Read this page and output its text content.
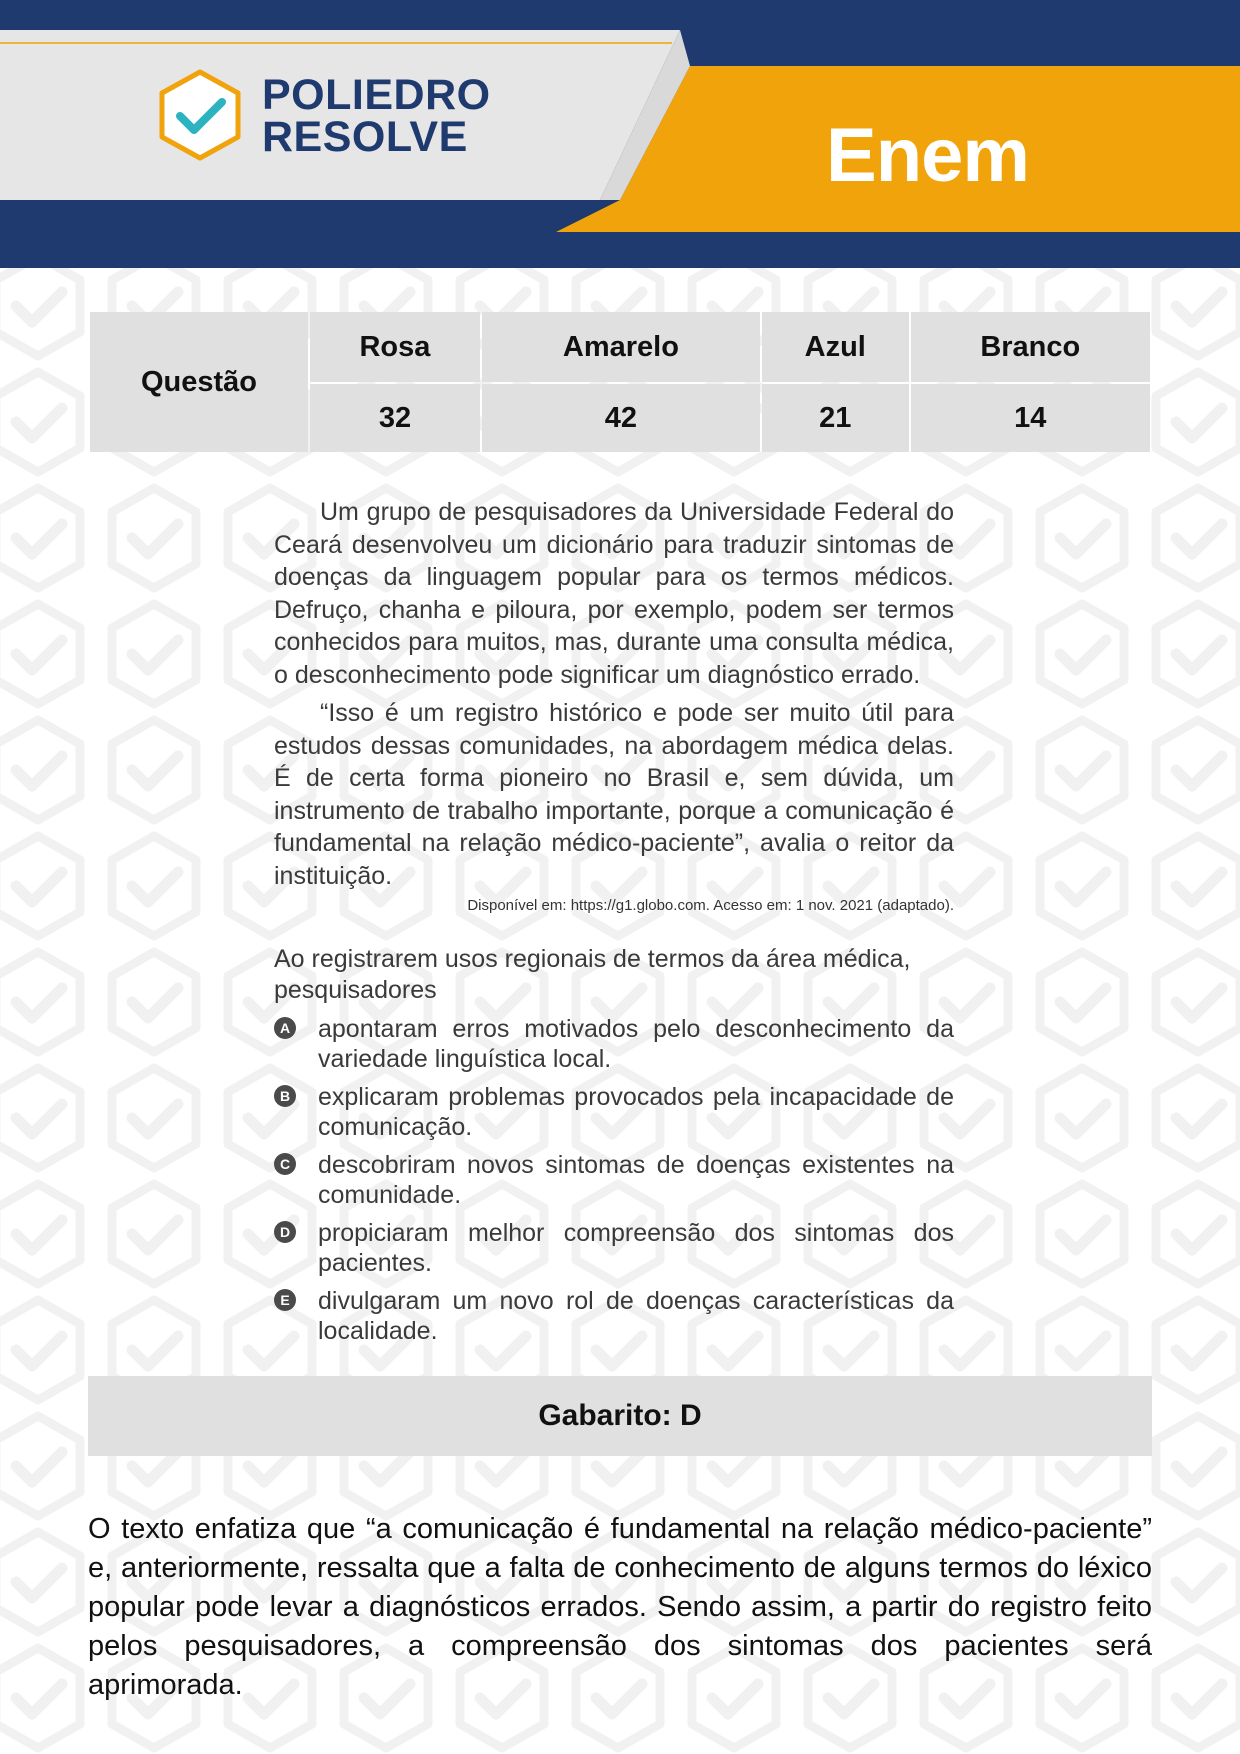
POLIEDRO
RESOLVE	Enem
Questão	Rosa	Amarelo	Azul	Branco
	32	42	21	14

Um grupo de pesquisadores da Universidade Federal do Ceará desenvolveu um dicionário para traduzir sintomas de doenças da linguagem popular para os termos médicos. Defruço, chanha e piloura, por exemplo, podem ser termos conhecidos para muitos, mas, durante uma consulta médica, o desconhecimento pode significar um diagnóstico errado.

“Isso é um registro histórico e pode ser muito útil para estudos dessas comunidades, na abordagem médica delas. É de certa forma pioneiro no Brasil e, sem dúvida, um instrumento de trabalho importante, porque a comunicação é fundamental na relação médico-paciente”, avalia o reitor da instituição.

Disponível em: https://g1.globo.com. Acesso em: 1 nov. 2021 (adaptado).
Ao registrarem usos regionais de termos da área médica, pesquisadores
A apontaram erros motivados pelo desconhecimento da variedade linguística local.
B explicaram problemas provocados pela incapacidade de comunicação.
C descobriram novos sintomas de doenças existentes na comunidade.
D propiciaram melhor compreensão dos sintomas dos pacientes.
E divulgaram um novo rol de doenças características da localidade.
Gabarito: D

O texto enfatiza que “a comunicação é fundamental na relação médico-paciente” e, anteriormente, ressalta que a falta de conhecimento de alguns termos do léxico popular pode levar a diagnósticos errados. Sendo assim, a partir do registro feito pelos pesquisadores, a compreensão dos sintomas dos pacientes será aprimorada.
